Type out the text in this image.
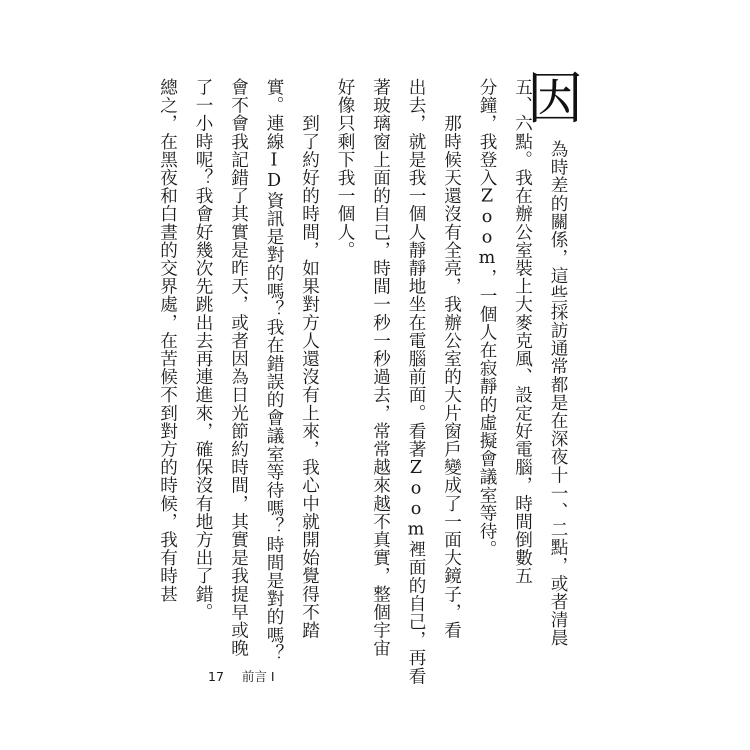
因
為時差的關係，這些採訪通常都是在深夜十一、二點，或者清晨
五、六點。我在辦公室裝上大麥克風、設定好電腦，時間倒數五
分鐘，我登入Zoom，一個人在寂靜的虛擬會議室等待。
　　那時候天還沒有全亮，我辦公室的大片窗戶變成了一面大鏡子，看
出去，就是我一個人靜靜地坐在電腦前面。看著Zoom裡面的自己，再看
著玻璃窗上面的自己，時間一秒一秒過去，常常越來越不真實，整個宇宙
好像只剩下我一個人。
　　到了約好的時間，如果對方人還沒有上來，我心中就開始覺得不踏
實。連線ID資訊是對的嗎？我在錯誤的會議室等待嗎？時間是對的嗎？
會不會我記錯了其實是昨天，或者因為日光節約時間，其實是我提早或晚
了一小時呢？我會好幾次先跳出去再連進來，確保沒有地方出了錯。
總之，在黑夜和白晝的交界處，在苦候不到對方的時候，我有時甚
17 前言 I
